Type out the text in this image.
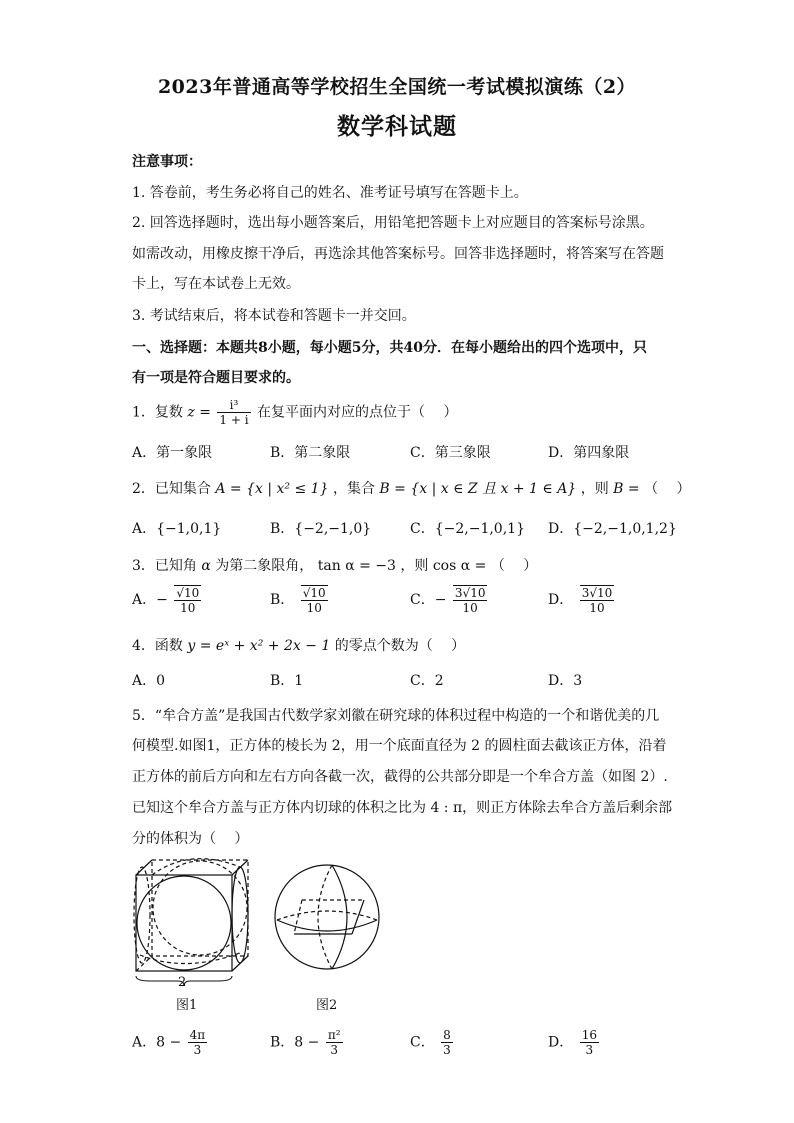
2023年普通高等学校招生全国统一考试模拟演练（2）
数学科试题
注意事项：
1. 答卷前，考生务必将自己的姓名、准考证号填写在答题卡上。
2. 回答选择题时，选出每小题答案后，用铅笔把答题卡上对应题目的答案标号涂黑。
如需改动，用橡皮擦干净后，再选涂其他答案标号。回答非选择题时，将答案写在答题
卡上，写在本试卷上无效。
3. 考试结束后，将本试卷和答题卡一并交回。
一、选择题：本题共8小题，每小题5分，共40分．在每小题给出的四个选项中，只
有一项是符合题目要求的。
1．复数 $z = \frac{\text{i³}}{1 + i}$ 在复平面内对应的点位于（　 ）
A．第一象限	B．第二象限	C．第三象限	D．第四象限
2．已知集合 A = {x | x² ≤ 1} ，集合 B = {x | x ∈ Z 且 x + 1 ∈ A} ，则 B = （　 ）
A．{−1,0,1}	B．{−2,−1,0}	C．{−2,−1,0,1} D．{−2,−1,0,1,2}
3．已知角 α 为第二象限角， tan α = −3 ，则 cos α = （　 ）
A．− $\frac{√10}{10}$	B． $\frac{√10}{10}$	C．− $\frac{3√10}{10}$	D． $\frac{3√10}{10}$
4．函数 y = eˣ + x² + 2x − 1 的零点个数为（　 ）
A．0	B．1	C．2	D．3
5．“牟合方盖”是我国古代数学家刘徽在研究球的体积过程中构造的一个和谐优美的几
何模型.如图1，正方体的棱长为 2，用一个底面直径为 2 的圆柱面去截该正方体，沿着
正方体的前后方向和左右方向各截一次，截得的公共部分即是一个牟合方盖（如图 2）.
已知这个牟合方盖与正方体内切球的体积之比为 4 : π，则正方体除去牟合方盖后剩余部
分的体积为（　 ）
2
图1	图2
A．$8 - \frac{4\pi}{3}$	B．$8 - \frac{\text{π²}}{3}$	C． $\frac{8}{3}$	D． $\frac{16}{3}$
